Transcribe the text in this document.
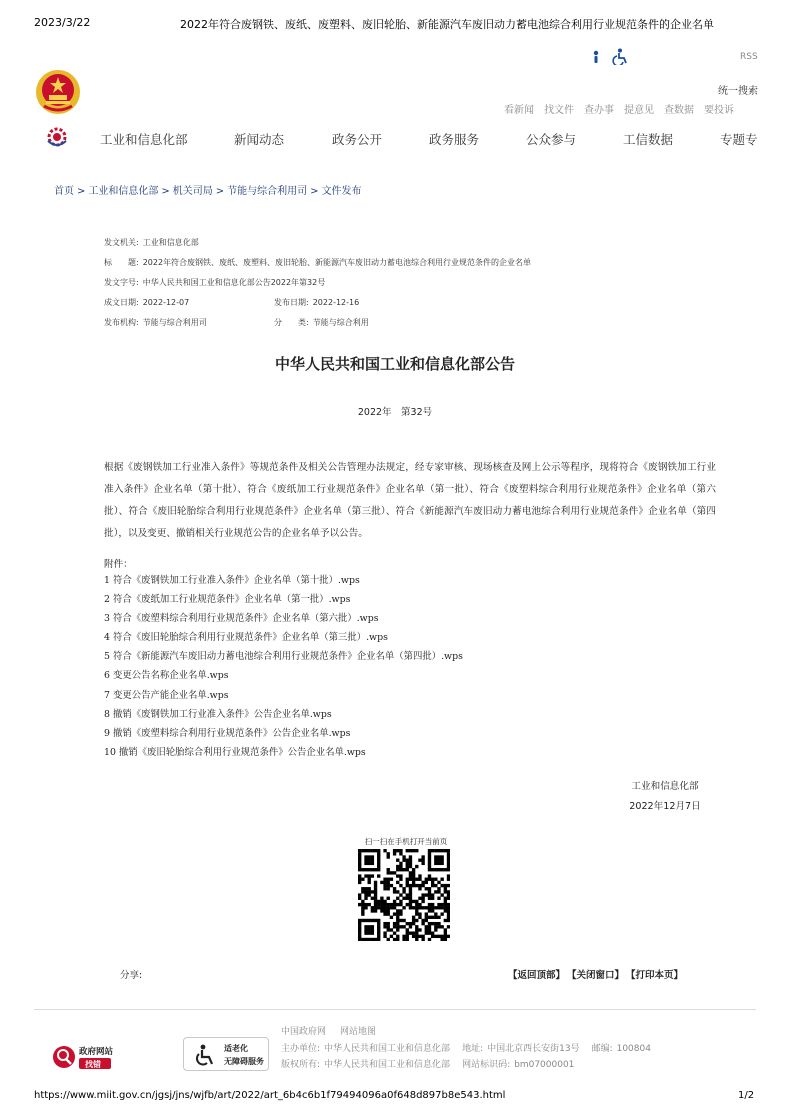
2023/3/22	2022年符合废钢铁、废纸、废塑料、废旧轮胎、新能源汽车废旧动力蓄电池综合利用行业规范条件的企业名单
RSS
统一搜索
看新闻 找文件 查办事 提意见 查数据 要投诉
工业和信息化部	新闻动态	政务公开	政务服务	公众参与	工信数据	专题专
首页 > 工业和信息化部 > 机关司局 > 节能与综合利用司 > 文件发布
发文机关: 工业和信息化部
标　　题: 2022年符合废钢铁、废纸、废塑料、废旧轮胎、新能源汽车废旧动力蓄电池综合利用行业规范条件的企业名单
发文字号: 中华人民共和国工业和信息化部公告2022年第32号
成文日期: 2022-12-07	发布日期: 2022-12-16
发布机构: 节能与综合利用司	分　　类: 节能与综合利用
中华人民共和国工业和信息化部公告
2022年　第32号
根据《废钢铁加工行业准入条件》等规范条件及相关公告管理办法规定，经专家审核、现场核查及网上公示等程序，现将符合《废钢铁加工行业准入条件》企业名单（第十批）、符合《废纸加工行业规范条件》企业名单（第一批）、符合《废塑料综合利用行业规范条件》企业名单（第六批）、符合《废旧轮胎综合利用行业规范条件》企业名单（第三批）、符合《新能源汽车废旧动力蓄电池综合利用行业规范条件》企业名单（第四批），以及变更、撤销相关行业规范公告的企业名单予以公告。
附件：
1 符合《废钢铁加工行业准入条件》企业名单（第十批）.wps
2 符合《废纸加工行业规范条件》企业名单（第一批）.wps
3 符合《废塑料综合利用行业规范条件》企业名单（第六批）.wps
4 符合《废旧轮胎综合利用行业规范条件》企业名单（第三批）.wps
5 符合《新能源汽车废旧动力蓄电池综合利用行业规范条件》企业名单（第四批）.wps
6 变更公告名称企业名单.wps
7 变更公告产能企业名单.wps
8 撤销《废钢铁加工行业准入条件》公告企业名单.wps
9 撤销《废塑料综合利用行业规范条件》公告企业名单.wps
10 撤销《废旧轮胎综合利用行业规范条件》公告企业名单.wps
工业和信息化部
2022年12月7日
扫一扫在手机打开当前页
分享:	【返回顶部】 【关闭窗口】 【打印本页】
政府网站
找错
适老化
无障碍服务
中国政府网 网站地图
主办单位: 中华人民共和国工业和信息化部 地址: 中国北京西长安街13号 邮编: 100804
版权所有: 中华人民共和国工业和信息化部 网站标识码: bm07000001
https://www.miit.gov.cn/jgsj/jns/wjfb/art/2022/art_6b4c6b1f79494096a0f648d897b8e543.html	1/2
